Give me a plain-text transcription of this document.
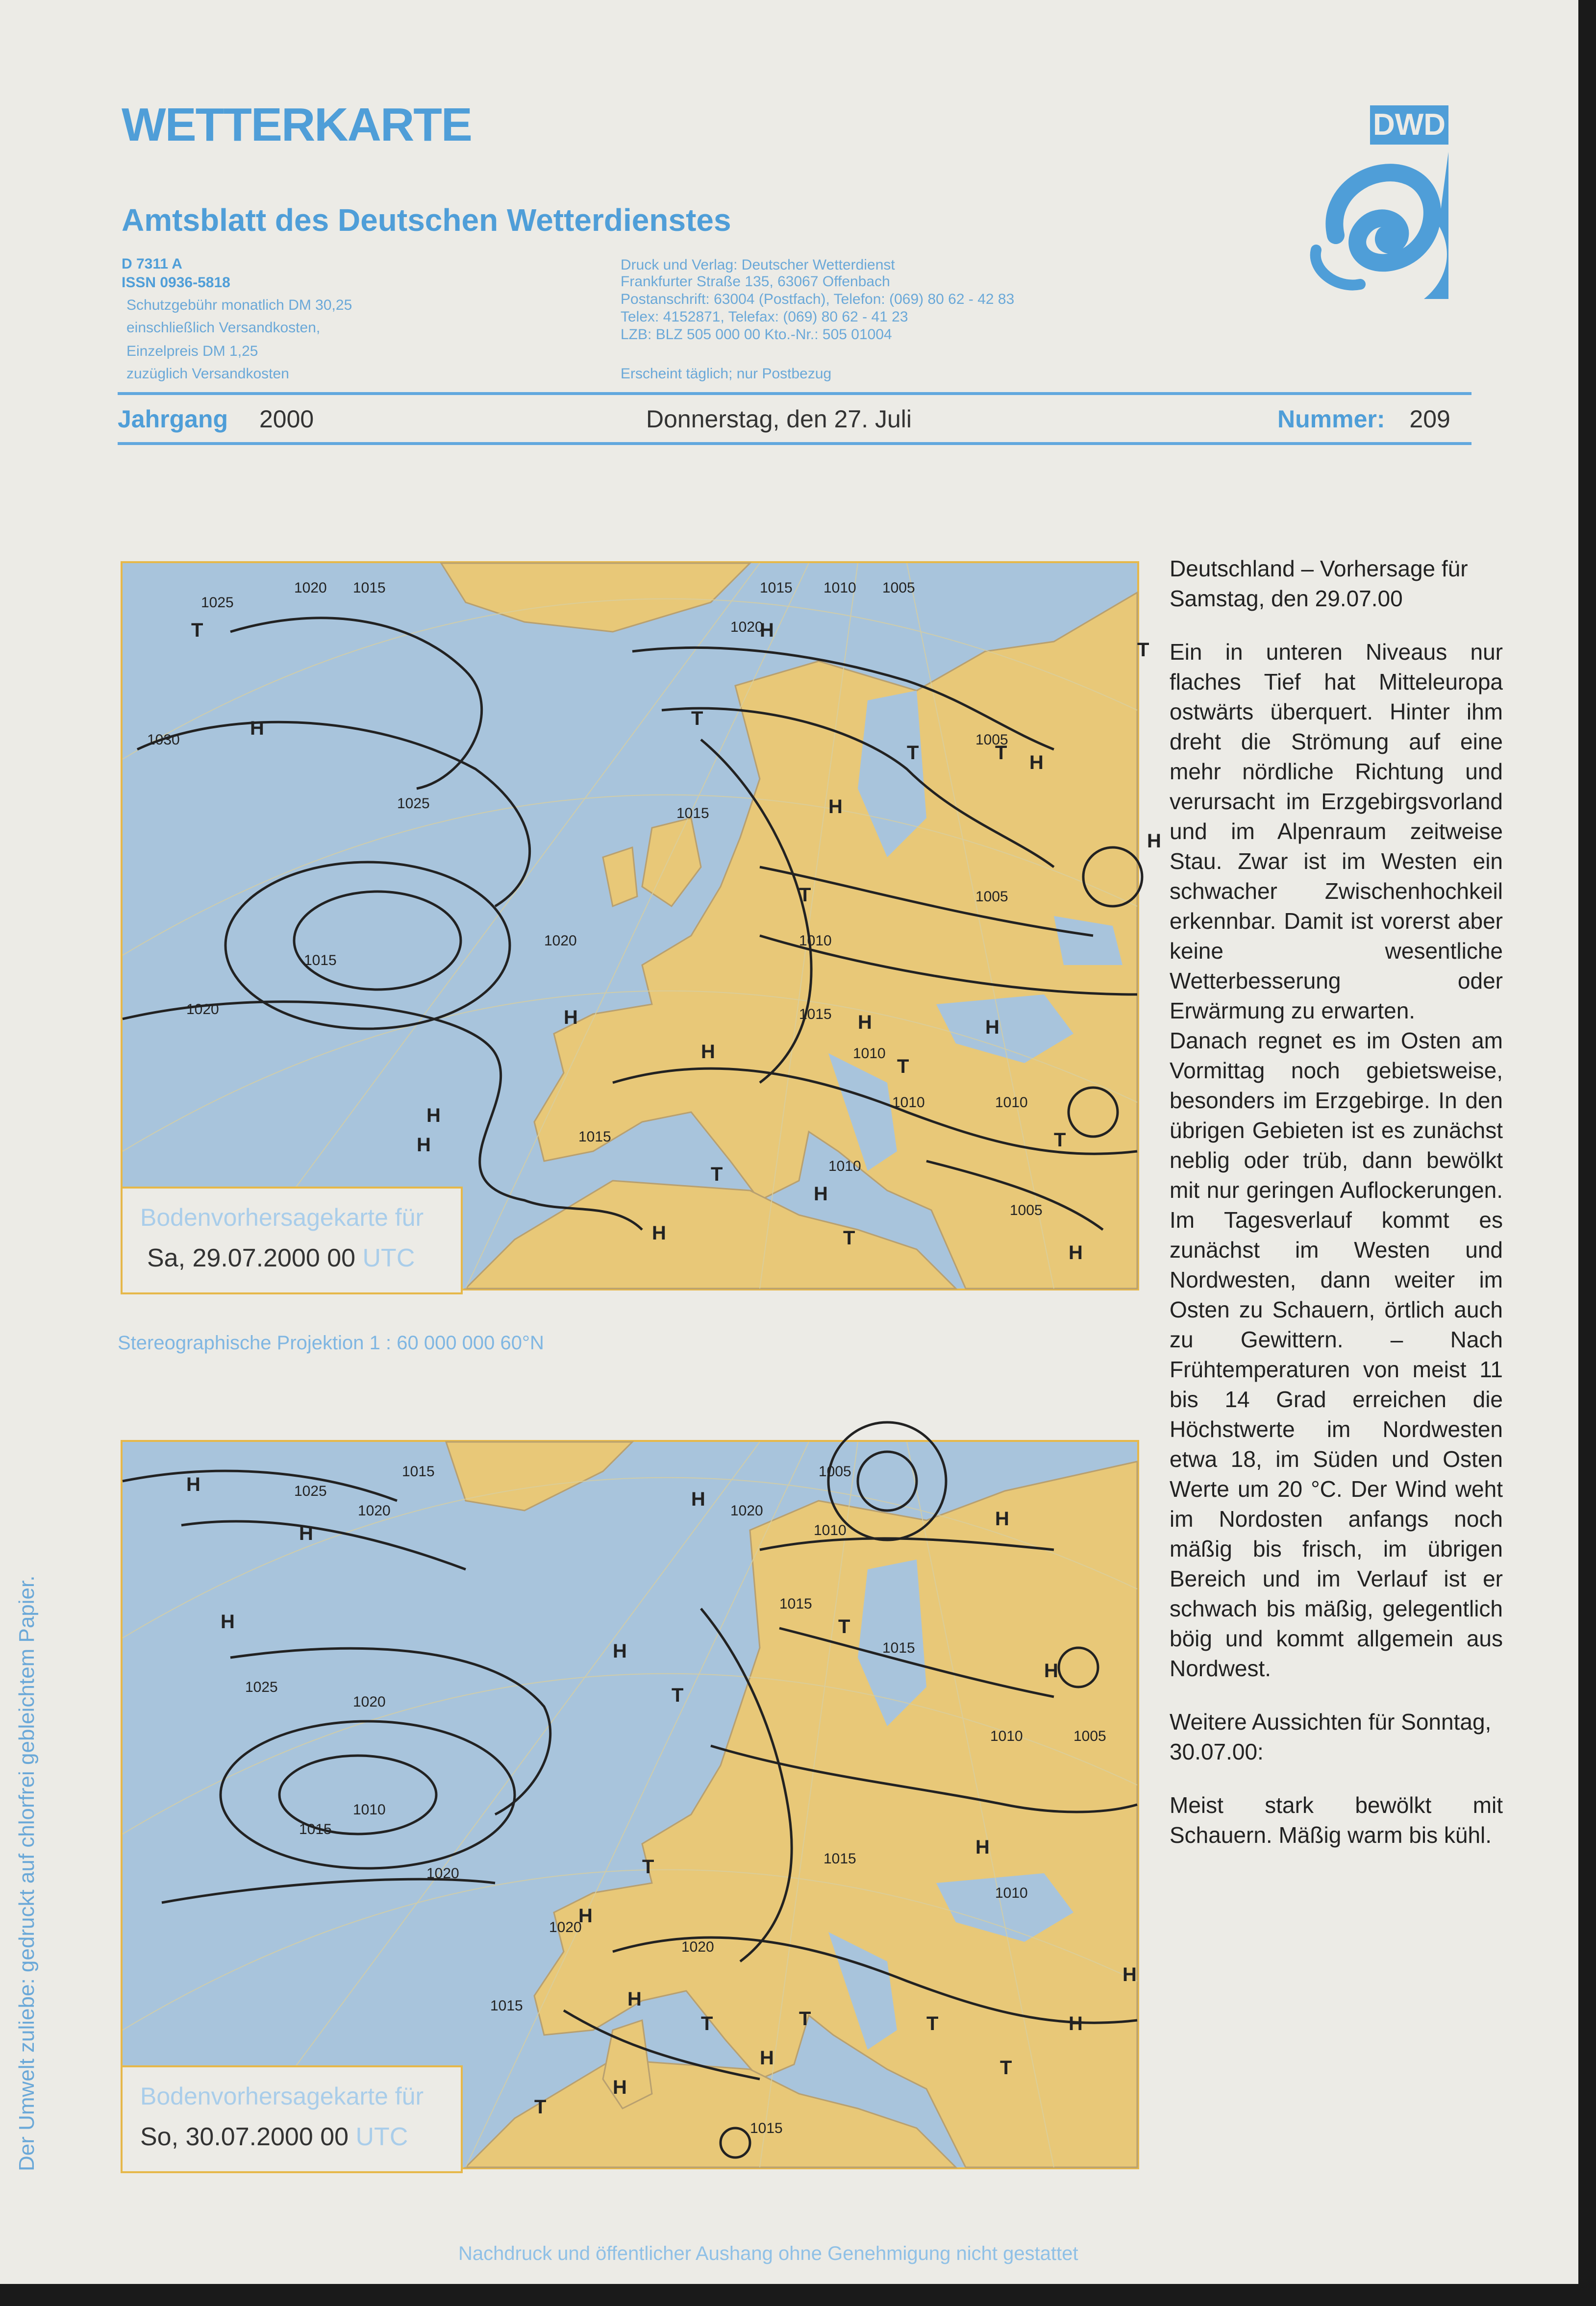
WETTERKARTE
Amtsblatt des Deutschen Wetterdienstes
D 7311 A
ISSN 0936-5818
Schutzgebühr monatlich DM 30,25
einschließlich Versandkosten,
Einzelpreis DM 1,25
zuzüglich Versandkosten
Druck und Verlag: Deutscher Wetterdienst
Frankfurter Straße 135, 63067 Offenbach
Postanschrift: 63004 (Postfach), Telefon: (069) 80 62 - 42 83
Telex: 4152871, Telefax: (069) 80 62 - 41 23
LZB: BLZ 505 000 00 Kto.-Nr.: 505 01004
Erscheint täglich; nur Postbezug
DWD
Jahrgang 2000	Donnerstag, den 27. Juli	Nummer: 209
T
H
H
H
T	T H
H
T
T
T
H
H
T
H
H
H
T
H
H
T
T
H
H
1025
1020 1015	1015 1010 1005
1020
1030
1025
1015
1020
1005
1010
1015
1020
1015
1010	1010
1005
1010
1015
1010
1005
Bodenvorhersagekarte für
Sa, 29.07.2000 00 UTC
Stereographische Projektion 1 : 60 000 000 60°N
H
H
H
H
H
T
H
H
T
T
H
H
H
T
H
T
H
T	H
T
T
H
1025
1020
1015	1005
1010
1020
1015
1025
1020
1010
1015
1020
1015
1010	1005
1020
1015
1015
1010
1020
1015
Bodenvorhersagekarte für
So, 30.07.2000 00 UTC

Deutschland – Vorhersage für Samstag, den 29.07.00

Ein in unteren Niveaus nur flaches Tief hat Mitteleuropa ostwärts überquert. Hinter ihm dreht die Strömung auf eine mehr nördliche Richtung und verursacht im Erzgebirgsvorland und im Alpenraum zeitweise Stau. Zwar ist im Westen ein schwacher Zwischenhochkeil erkennbar. Damit ist vorerst aber keine wesentliche Wetterbesserung oder Erwärmung zu erwarten.

Danach regnet es im Osten am Vormittag noch gebietsweise, besonders im Erzgebirge. In den übrigen Gebieten ist es zunächst neblig oder trüb, dann bewölkt mit nur geringen Auflockerungen. Im Tagesverlauf kommt es zunächst im Westen und Nordwesten, dann weiter im Osten zu Schauern, örtlich auch zu Gewittern. – Nach Frühtemperaturen von meist 11 bis 14 Grad erreichen die Höchstwerte im Nordwesten etwa 18, im Süden und Osten Werte um 20 °C. Der Wind weht im Nordosten anfangs noch mäßig bis frisch, im übrigen Bereich und im Verlauf ist er schwach bis mäßig, gelegentlich böig und kommt allgemein aus Nordwest.

Weitere Aussichten für Sonntag, 30.07.00:

Meist stark bewölkt mit Schauern. Mäßig warm bis kühl.

Der Umwelt zuliebe: gedruckt auf chlorfrei gebleichtem Papier.
Nachdruck und öffentlicher Aushang ohne Genehmigung nicht gestattet
